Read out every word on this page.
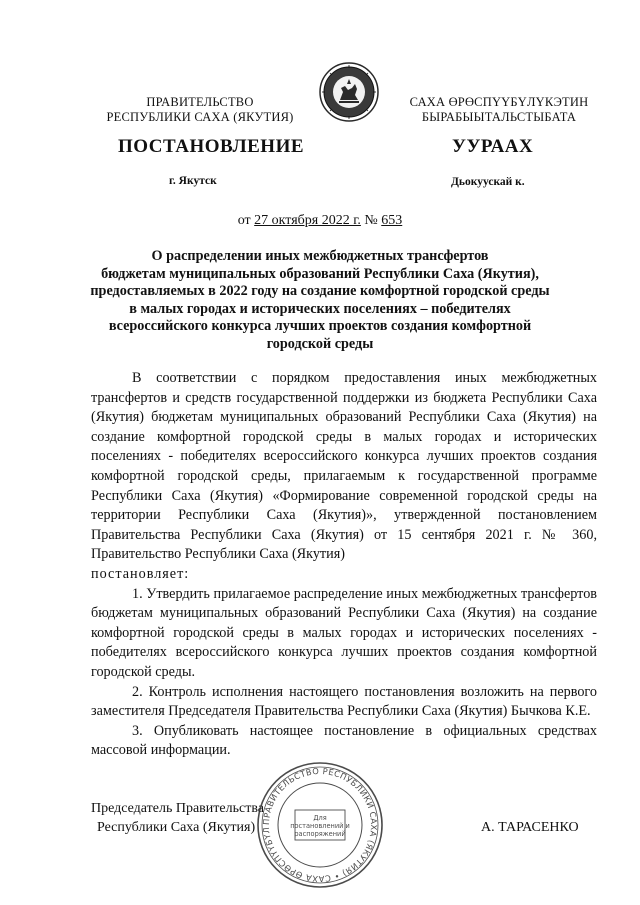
ПРАВИТЕЛЬСТВО
РЕСПУБЛИКИ САХА (ЯКУТИЯ)
САХА ӨРӨСПҮҮБҮЛҮКЭТИН
БЫРАБЫЫТАЛЬСТЫБАТА
ПОСТАНОВЛЕНИЕ	УУРААХ
г. Якутск	Дьокуускай к.
от 27 октября 2022 г. № 653
О распределении иных межбюджетных трансфертов
бюджетам муниципальных образований Республики Саха (Якутия),
предоставляемых в 2022 году на создание комфортной городской среды
в малых городах и исторических поселениях – победителях
всероссийского конкурса лучших проектов создания комфортной
городской среды

В соответствии с порядком предоставления иных межбюджетных трансфертов и средств государственной поддержки из бюджета Республики Саха (Якутия) бюджетам муниципальных образований Республики Саха (Якутия) на создание комфортной городской среды в малых городах и исторических поселениях - победителях всероссийского конкурса лучших проектов создания комфортной городской среды, прилагаемым к государственной программе Республики Саха (Якутия) «Формирование современной городской среды на территории Республики Саха (Якутия)», утвержденной постановлением Правительства Республики Саха (Якутия) от 15 сентября 2021 г. № 360, Правительство Республики Саха (Якутия)

постановляет:

1. Утвердить прилагаемое распределение иных межбюджетных трансфертов бюджетам муниципальных образований Республики Саха (Якутия) на создание комфортной городской среды в малых городах и исторических поселениях - победителях всероссийского конкурса лучших проектов создания комфортной городской среды.

2. Контроль исполнения настоящего постановления возложить на первого заместителя Председателя Правительства Республики Саха (Якутия) Бычкова К.Е.

3. Опубликовать настоящее постановление в официальных средствах массовой информации.

Председатель Правительства
Республики Саха (Якутия)	А. ТАРАСЕНКО
ПРАВИТЕЛЬСТВО РЕСПУБЛИКИ САХА (ЯКУТИЯ) • САХА ӨРӨСПҮҮБҮЛ
Для
постановлений и
распоряжений
